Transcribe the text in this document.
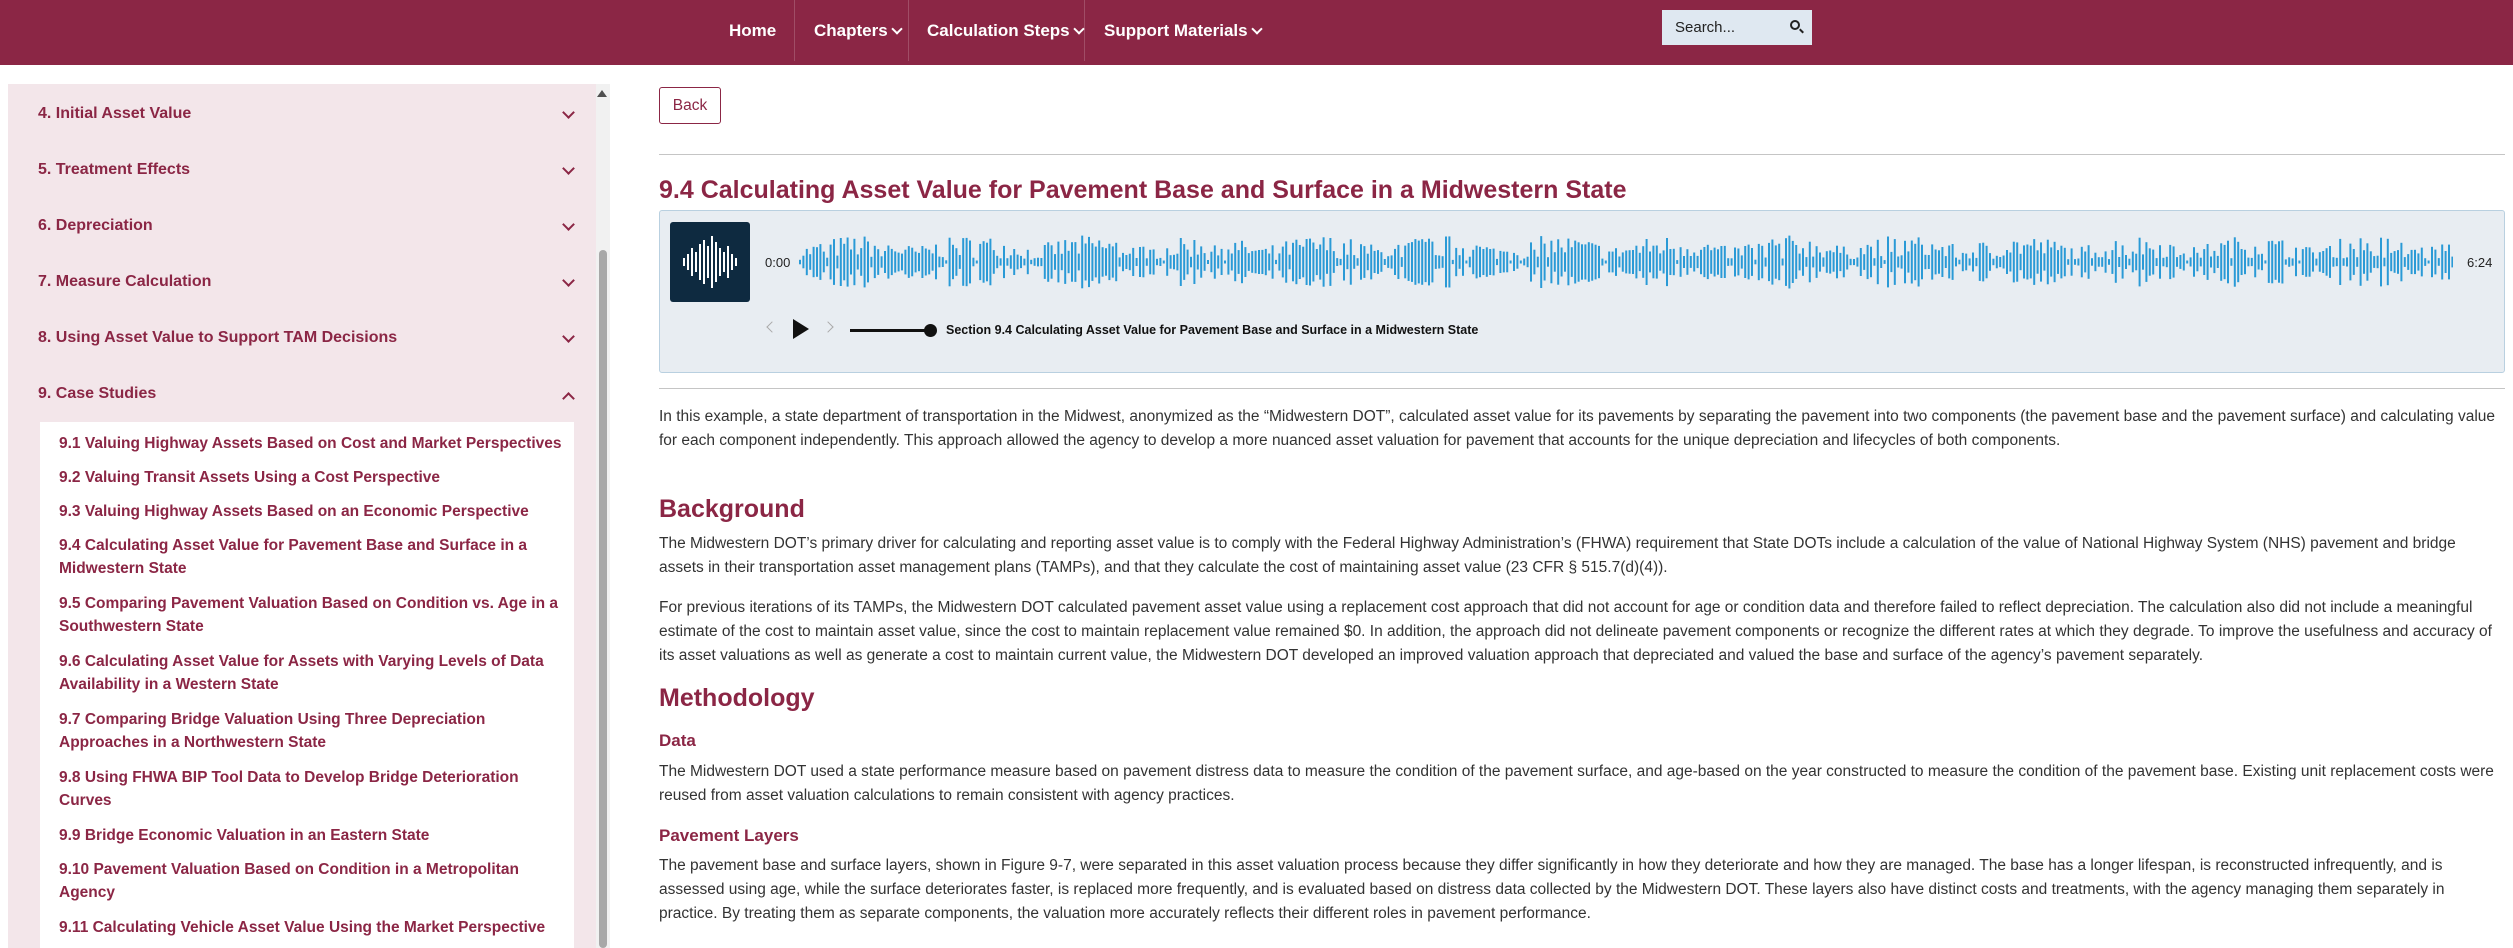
Home Chapters Calculation Steps Support Materials
Search...
4. Initial Asset Value
5. Treatment Effects
6. Depreciation
7. Measure Calculation
8. Using Asset Value to Support TAM Decisions
9. Case Studies
9.1 Valuing Highway Assets Based on Cost and Market Perspectives
9.2 Valuing Transit Assets Using a Cost Perspective
9.3 Valuing Highway Assets Based on an Economic Perspective
9.4 Calculating Asset Value for Pavement Base and Surface in a Midwestern State
9.5 Comparing Pavement Valuation Based on Condition vs. Age in a Southwestern State
9.6 Calculating Asset Value for Assets with Varying Levels of Data Availability in a Western State
9.7 Comparing Bridge Valuation Using Three Depreciation Approaches in a Northwestern State
9.8 Using FHWA BIP Tool Data to Develop Bridge Deterioration Curves
9.9 Bridge Economic Valuation in an Eastern State
9.10 Pavement Valuation Based on Condition in a Metropolitan Agency
9.11 Calculating Vehicle Asset Value Using the Market Perspective
Back
9.4 Calculating Asset Value for Pavement Base and Surface in a Midwestern State
0:00	6:24
Section 9.4 Calculating Asset Value for Pavement Base and Surface in a Midwestern State

In this example, a state department of transportation in the Midwest, anonymized as the “Midwestern DOT”, calculated asset value for its pavements by separating the pavement into two components (the pavement base and the pavement surface) and calculating value for each component independently. This approach allowed the agency to develop a more nuanced asset valuation for pavement that accounts for the unique depreciation and lifecycles of both components.

Background

The Midwestern DOT’s primary driver for calculating and reporting asset value is to comply with the Federal Highway Administration’s (FHWA) requirement that State DOTs include a calculation of the value of National Highway System (NHS) pavement and bridge assets in their transportation asset management plans (TAMPs), and that they calculate the cost of maintaining asset value (23 CFR § 515.7(d)(4)).

For previous iterations of its TAMPs, the Midwestern DOT calculated pavement asset value using a replacement cost approach that did not account for age or condition data and therefore failed to reflect depreciation. The calculation also did not include a meaningful estimate of the cost to maintain asset value, since the cost to maintain replacement value remained $0. In addition, the approach did not delineate pavement components or recognize the different rates at which they degrade. To improve the usefulness and accuracy of its asset valuations as well as generate a cost to maintain current value, the Midwestern DOT developed an improved valuation approach that depreciated and valued the base and surface of the agency’s pavement separately.

Methodology
Data

The Midwestern DOT used a state performance measure based on pavement distress data to measure the condition of the pavement surface, and age-based on the year constructed to measure the condition of the pavement base. Existing unit replacement costs were reused from asset valuation calculations to remain consistent with agency practices.

Pavement Layers

The pavement base and surface layers, shown in Figure 9-7, were separated in this asset valuation process because they differ significantly in how they deteriorate and how they are managed. The base has a longer lifespan, is reconstructed infrequently, and is assessed using age, while the surface deteriorates faster, is replaced more frequently, and is evaluated based on distress data collected by the Midwestern DOT. These layers also have distinct costs and treatments, with the agency managing them separately in practice. By treating them as separate components, the valuation more accurately reflects their different roles in pavement performance.
